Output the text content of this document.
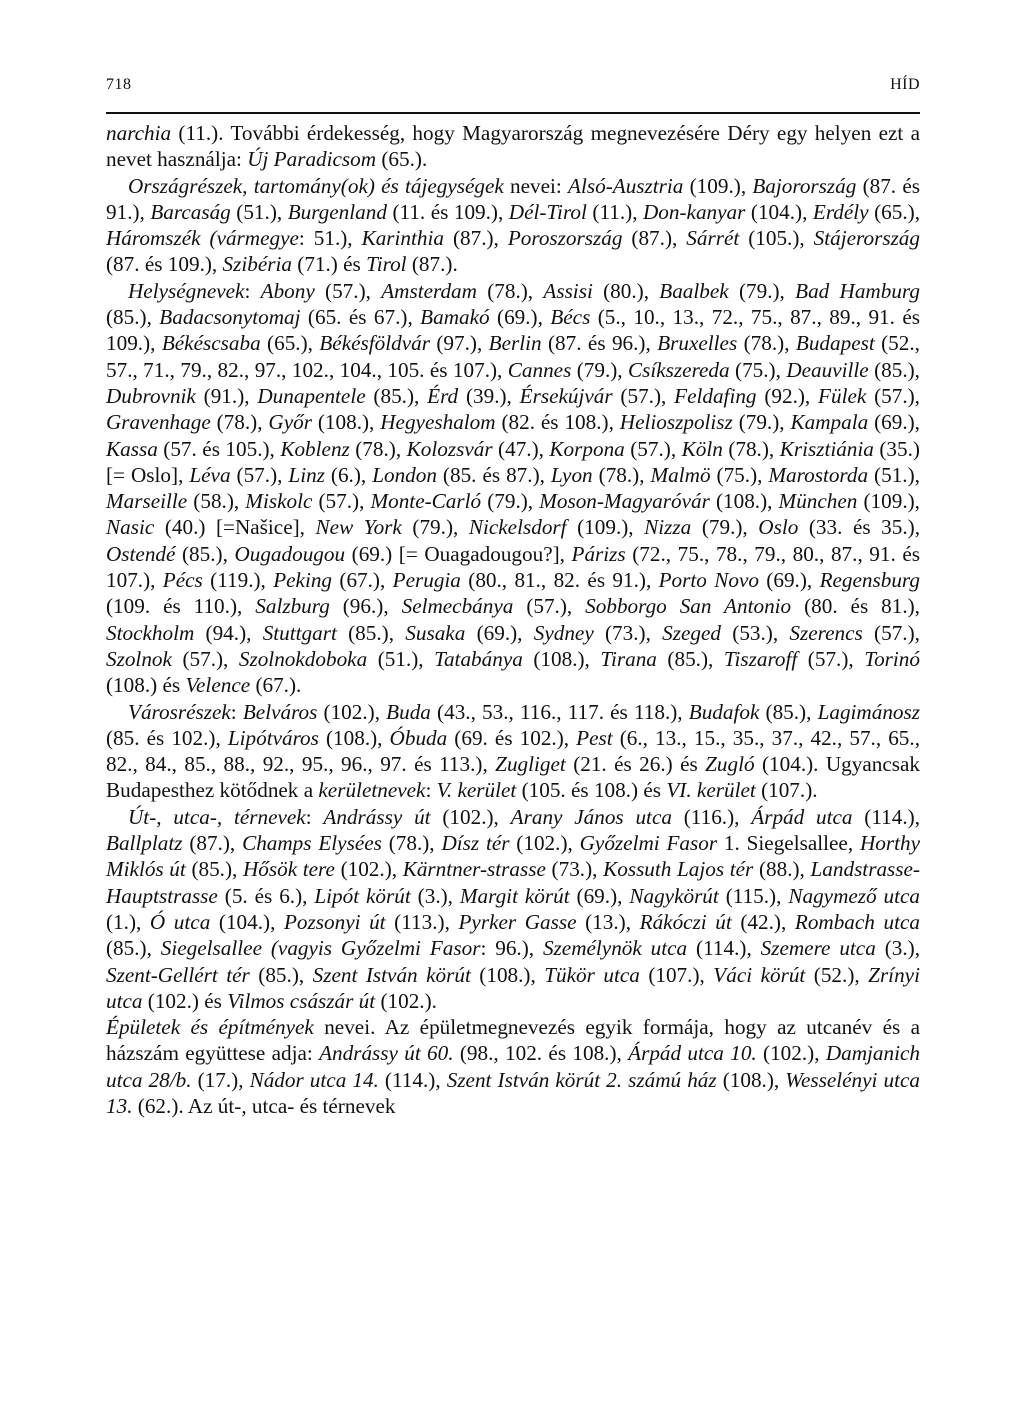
718	HÍD

narchia (11.). További érdekesség, hogy Magyarország megnevezésére Déry egy helyen ezt a nevet használja: Új Paradicsom (65.).

Országrészek, tartomány(ok) és tájegységek nevei: Alsó-Ausztria (109.), Bajorország (87. és 91.), Barcaság (51.), Burgenland (11. és 109.), Dél-Tirol (11.), Don-kanyar (104.), Erdély (65.), Háromszék (vármegye: 51.), Karinthia (87.), Poroszország (87.), Sárrét (105.), Stájerország (87. és 109.), Szibéria (71.) és Tirol (87.).

Helységnevek: Abony (57.), Amsterdam (78.), Assisi (80.), Baalbek (79.), Bad Hamburg (85.), Badacsonytomaj (65. és 67.), Bamakó (69.), Bécs (5., 10., 13., 72., 75., 87., 89., 91. és 109.), Békéscsaba (65.), Békésföldvár (97.), Berlin (87. és 96.), Bruxelles (78.), Budapest (52., 57., 71., 79., 82., 97., 102., 104., 105. és 107.), Cannes (79.), Csíkszereda (75.), Deauville (85.), Dubrovnik (91.), Dunapentele (85.), Érd (39.), Érsekújvár (57.), Feldafing (92.), Fülek (57.), Gravenhage (78.), Győr (108.), Hegyeshalom (82. és 108.), Helioszpolisz (79.), Kampala (69.), Kassa (57. és 105.), Koblenz (78.), Kolozsvár (47.), Korpona (57.), Köln (78.), Krisztiánia (35.) [= Oslo], Léva (57.), Linz (6.), London (85. és 87.), Lyon (78.), Malmö (75.), Marostorda (51.), Marseille (58.), Miskolc (57.), Monte-Carló (79.), Moson-Magyaróvár (108.), München (109.), Nasic (40.) [=Našice], New York (79.), Nickelsdorf (109.), Nizza (79.), Oslo (33. és 35.), Ostendé (85.), Ougadougou (69.) [= Ouagadougou?], Párizs (72., 75., 78., 79., 80., 87., 91. és 107.), Pécs (119.), Peking (67.), Perugia (80., 81., 82. és 91.), Porto Novo (69.), Regensburg (109. és 110.), Salzburg (96.), Selmecbánya (57.), Sobborgo San Antonio (80. és 81.), Stockholm (94.), Stuttgart (85.), Susaka (69.), Sydney (73.), Szeged (53.), Szerencs (57.), Szolnok (57.), Szolnokdoboka (51.), Tatabánya (108.), Tirana (85.), Tiszaroff (57.), Torinó (108.) és Velence (67.).

Városrészek: Belváros (102.), Buda (43., 53., 116., 117. és 118.), Budafok (85.), Lagimánosz (85. és 102.), Lipótváros (108.), Óbuda (69. és 102.), Pest (6., 13., 15., 35., 37., 42., 57., 65., 82., 84., 85., 88., 92., 95., 96., 97. és 113.), Zugliget (21. és 26.) és Zugló (104.). Ugyancsak Budapesthez kötődnek a kerületnevek: V. kerület (105. és 108.) és VI. kerület (107.).

Út-, utca-, térnevek: Andrássy út (102.), Arany János utca (116.), Árpád utca (114.), Ballplatz (87.), Champs Elysées (78.), Dísz tér (102.), Győzelmi Fasor 1. Siegelsallee, Horthy Miklós út (85.), Hősök tere (102.), Kärntner-strasse (73.), Kossuth Lajos tér (88.), Landstrasse-Hauptstrasse (5. és 6.), Lipót körút (3.), Margit körút (69.), Nagykörút (115.), Nagymező utca (1.), Ó utca (104.), Pozsonyi út (113.), Pyrker Gasse (13.), Rákóczi út (42.), Rombach utca (85.), Siegelsallee (vagyis Győzelmi Fasor: 96.), Személynök utca (114.), Szemere utca (3.), Szent-Gellért tér (85.), Szent István körút (108.), Tükör utca (107.), Váci körút (52.), Zrínyi utca (102.) és Vilmos császár út (102.).

Épületek és építmények nevei. Az épületmegnevezés egyik formája, hogy az utcanév és a házszám együttese adja: Andrássy út 60. (98., 102. és 108.), Árpád utca 10. (102.), Damjanich utca 28/b. (17.), Nádor utca 14. (114.), Szent István körút 2. számú ház (108.), Wesselényi utca 13. (62.). Az út-, utca- és térnevek
